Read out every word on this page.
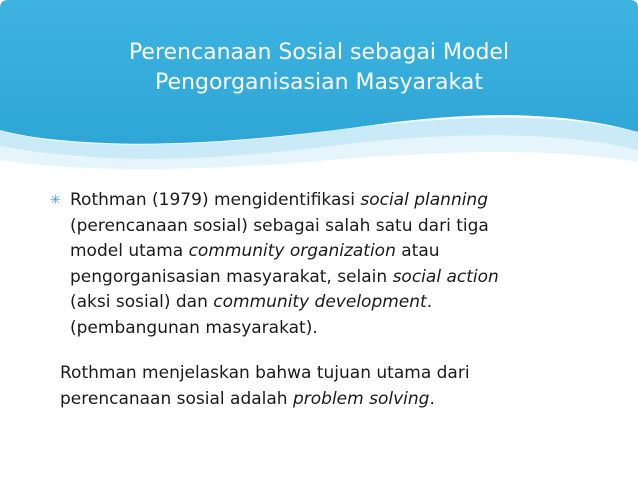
Perencanaan Sosial sebagai Model
Pengorganisasian Masyarakat
✳ Rothman (1979) mengidentifikasi social planning
(perencanaan sosial) sebagai salah satu dari tiga
model utama community organization atau
pengorganisasian masyarakat, selain social action
(aksi sosial) dan community development.
(pembangunan masyarakat).
Rothman menjelaskan bahwa tujuan utama dari
perencanaan sosial adalah problem solving.
